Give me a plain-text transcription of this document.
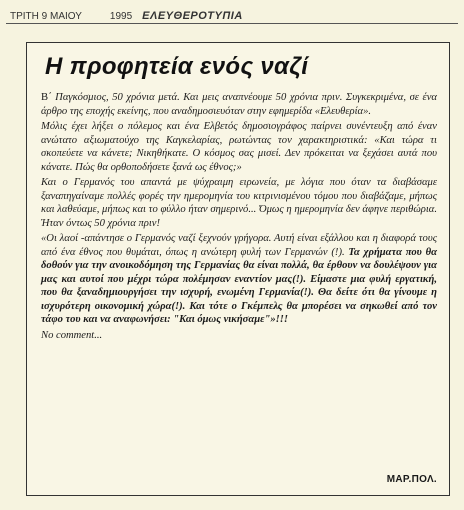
ΤΡΙΤΗ 9 ΜΑΙΟΥ	1995 ΕΛΕΥΘΕΡΟΤΥΠΙΑ
Η προφητεία ενός ναζί

Β΄ Παγκόσμιος, 50 χρόνια μετά. Και μεις αναπνέουμε 50 χρόνια πριν. Συγκεκριμένα, σε ένα άρθρο της εποχής εκείνης, που αναδημοσιευόταν στην εφημερίδα «Ελευθερία».

Μόλις έχει λήξει ο πόλεμος και ένα Ελβετός δημοσιογράφος παίρνει συνέντευξη από έναν ανώτατο αξιωματούχο της Καγκελαρίας, ρωτώντας τον χαρακτηριστικά: «Και τώρα τι σκοπεύετε να κάνετε; Νικηθήκατε. Ο κόσμος σας μισεί. Δεν πρόκειται να ξεχάσει αυτά που κάνατε. Πώς θα ορθοποδήσετε ξανά ως έθνος;»

Και ο Γερμανός του απαντά με ψύχραιμη ειρωνεία, με λόγια που όταν τα διαβάσαμε ξαναπηγαίναμε πολλές φορές την ημερομηνία του κιτρινισμένου τόμου που διαβάζαμε, μήπως και λαθεύαμε, μήπως και το φύλλο ήταν σημερινό... Όμως η ημερομηνία δεν άφηνε περιθώρια. Ήταν όντως 50 χρόνια πριν!

«Οι λαοί -απάντησε ο Γερμανός ναζί ξεχνούν γρήγορα. Αυτή είναι εξάλλου και η διαφορά τους από ένα έθνος που θυμάται, όπως η ανώτερη φυλή των Γερμανών (!). Τα χρήματα που θα δοθούν για την ανοικοδόμηση της Γερμανίας θα είναι πολλά, θα έρθουν να δουλέψουν για μας και αυτοί που μέχρι τώρα πολέμησαν εναντίον μας(!). Είμαστε μια φυλή εργατική, που θα ξαναδημιουργήσει την ισχυρή, ενωμένη Γερμανία(!). Θα δείτε ότι θα γίνουμε η ισχυρότερη οικονομική χώρα(!). Και τότε ο Γκέμπελς θα μπορέσει να σηκωθεί από τον τάφο του και να αναφωνήσει: "Και όμως νικήσαμε"»!!!

No comment...

ΜΑΡ.ΠΟΛ.
